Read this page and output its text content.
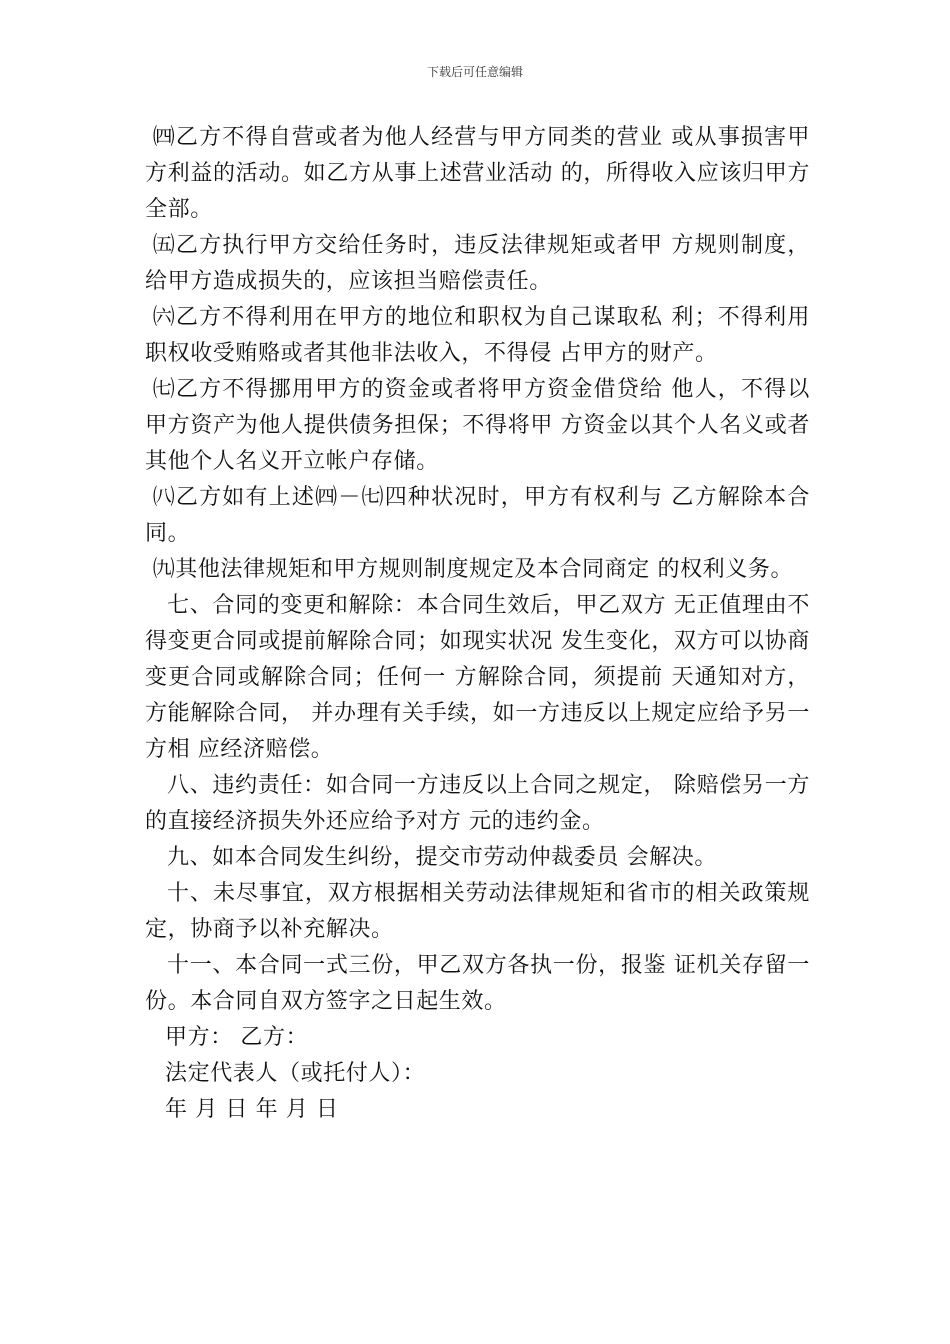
下载后可任意编辑

㈣乙方不得自营或者为他人经营与甲方同类的营业 或从事损害甲方利益的活动。如乙方从事上述营业活动 的，所得收入应该归甲方全部。

㈤乙方执行甲方交给任务时，违反法律规矩或者甲 方规则制度，给甲方造成损失的，应该担当赔偿责任。

㈥乙方不得利用在甲方的地位和职权为自己谋取私 利；不得利用职权收受贿赂或者其他非法收入，不得侵 占甲方的财产。

㈦乙方不得挪用甲方的资金或者将甲方资金借贷给 他人，不得以甲方资产为他人提供债务担保；不得将甲 方资金以其个人名义或者其他个人名义开立帐户存储。

㈧乙方如有上述㈣－㈦四种状况时，甲方有权利与 乙方解除本合同。

㈨其他法律规矩和甲方规则制度规定及本合同商定 的权利义务。

七、合同的变更和解除：本合同生效后，甲乙双方 无正值理由不得变更合同或提前解除合同；如现实状况 发生变化，双方可以协商变更合同或解除合同；任何一 方解除合同，须提前 天通知对方，方能解除合同， 并办理有关手续，如一方违反以上规定应给予另一方相 应经济赔偿。

八、违约责任：如合同一方违反以上合同之规定， 除赔偿另一方的直接经济损失外还应给予对方 元的违约金。

九、如本合同发生纠纷，提交市劳动仲裁委员 会解决。

十、未尽事宜，双方根据相关劳动法律规矩和省市的相关政策规定，协商予以补充解决。

十一、本合同一式三份，甲乙双方各执一份，报鉴 证机关存留一份。本合同自双方签字之日起生效。

甲方： 乙方：

法定代表人（或托付人）：

年 月 日 年 月 日
